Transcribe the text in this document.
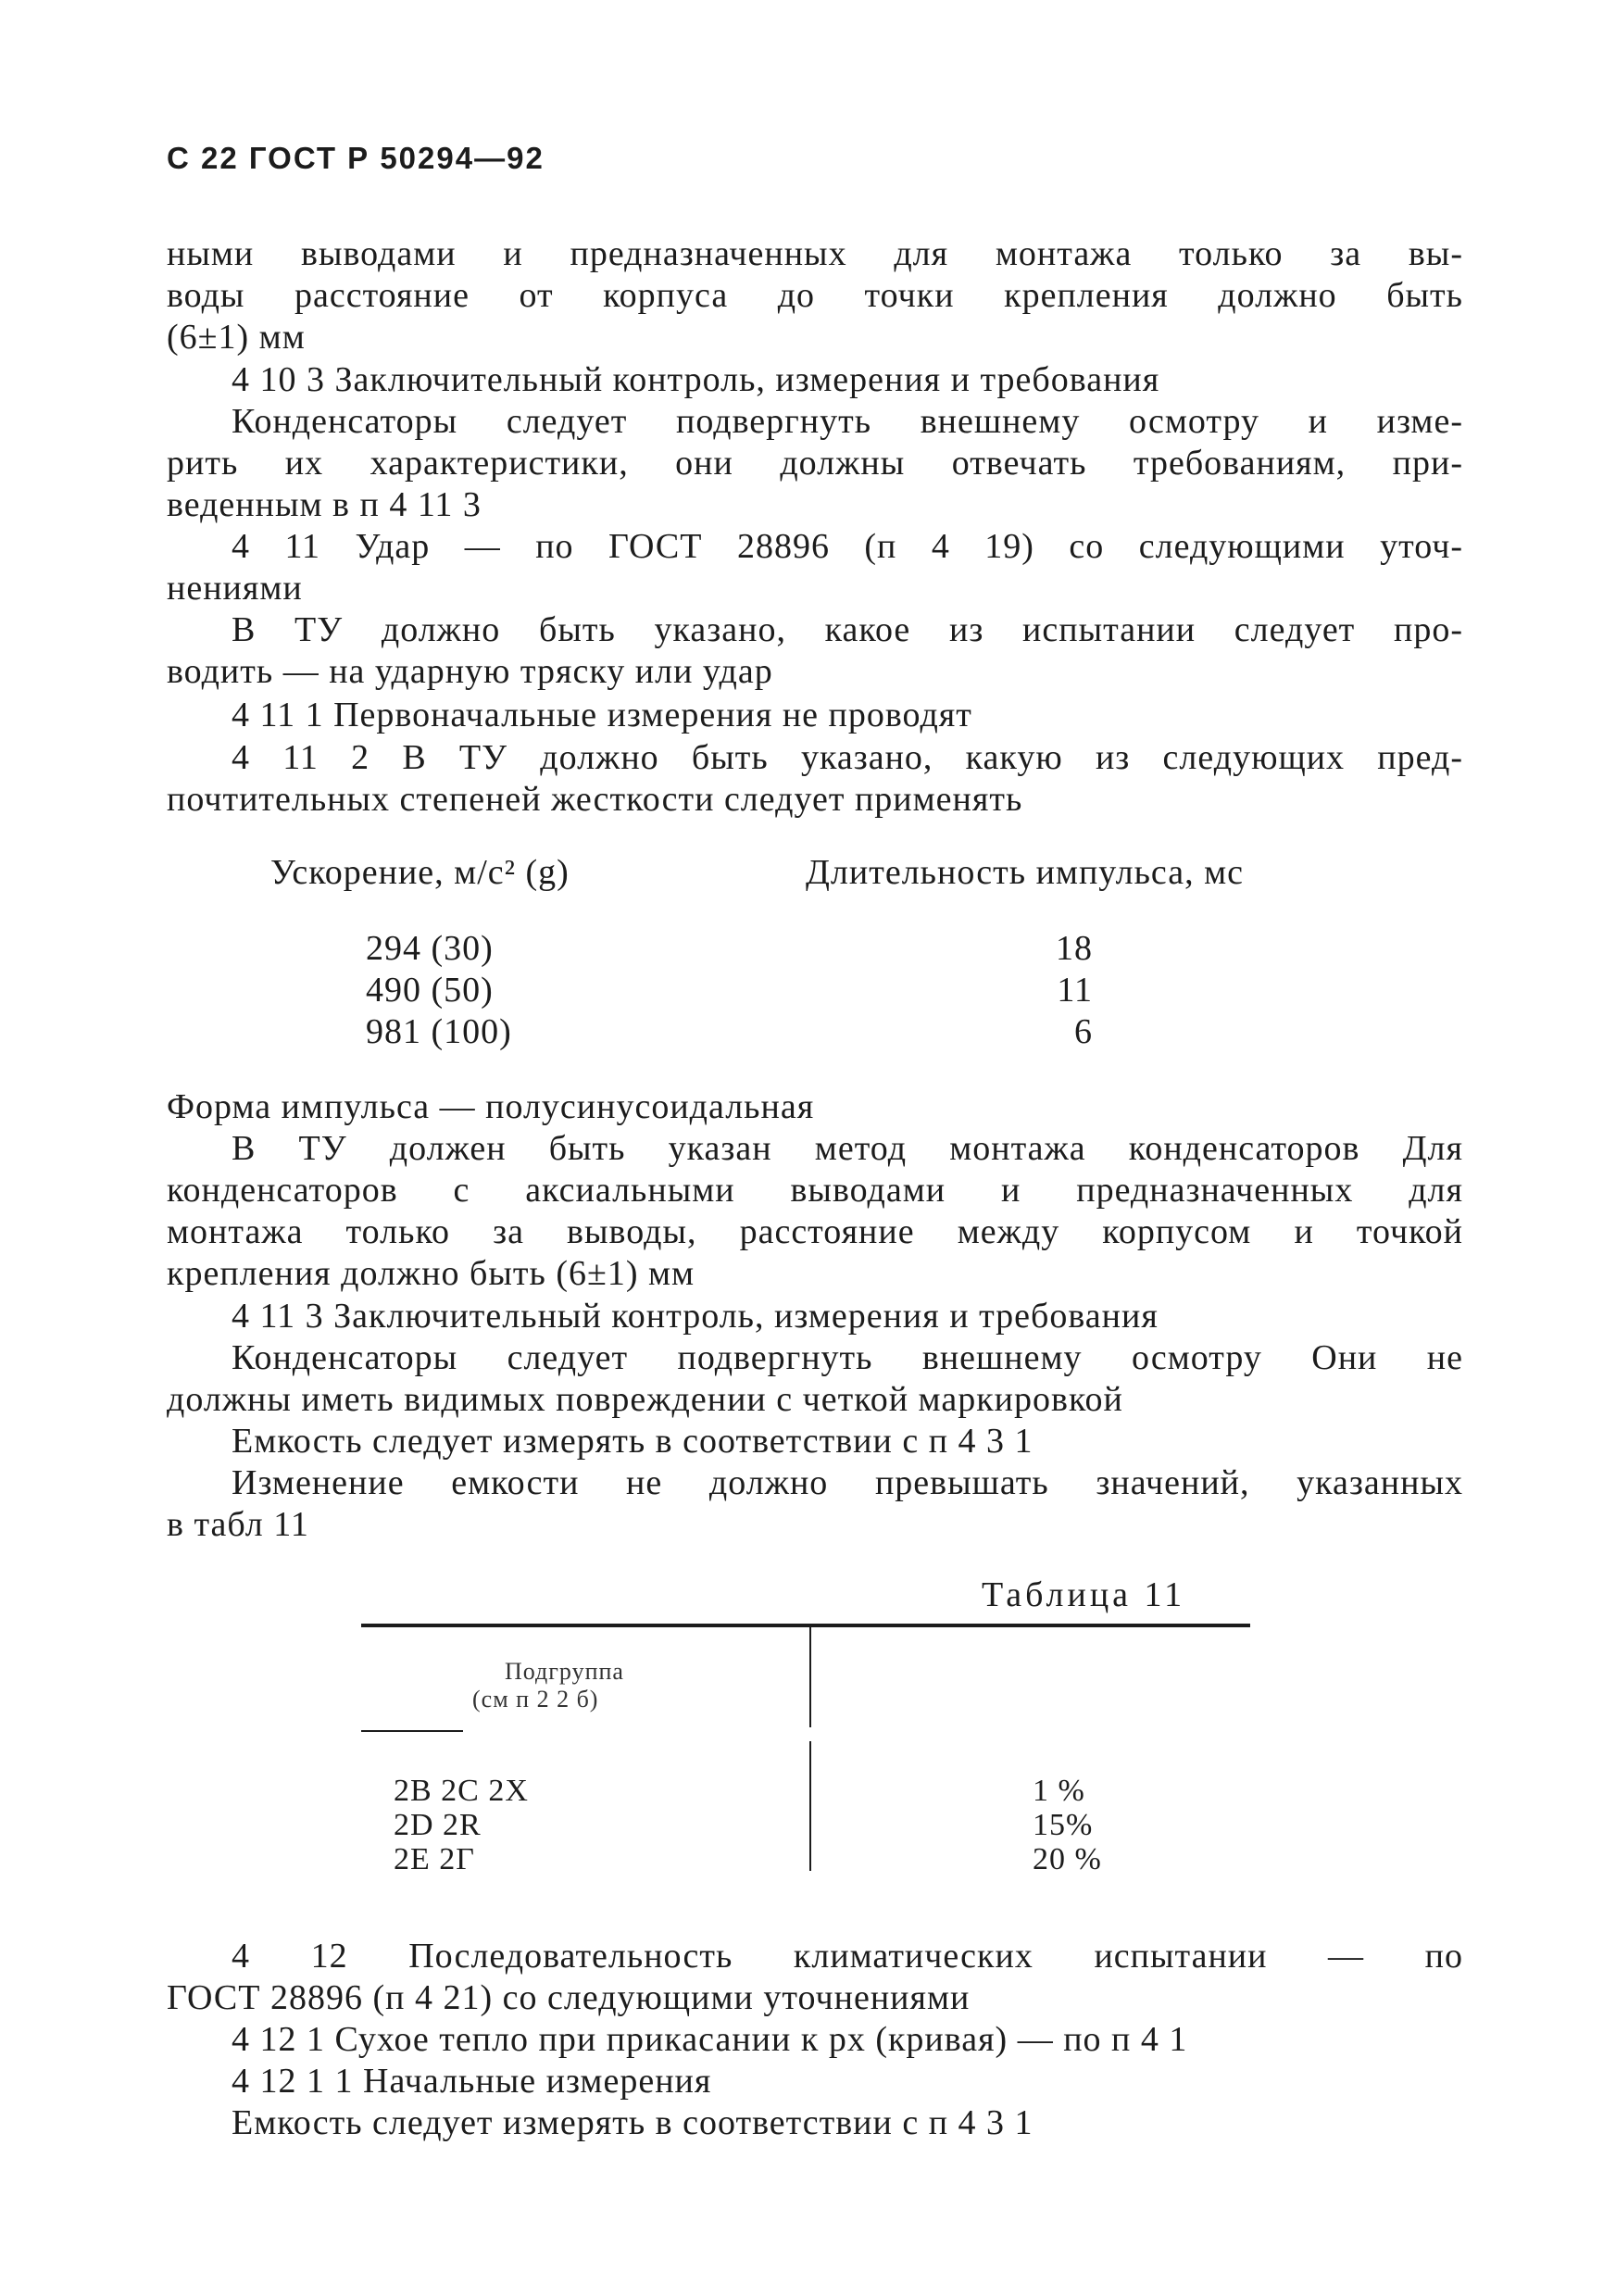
С 22 ГОСТ Р 50294—92
ными выводами и предназначенных для монтажа только за вы-
воды расстояние от корпуса до точки крепления должно быть
(6±1) мм
4 10 3 Заключительный контроль, измерения и требования
Конденсаторы следует подвергнуть внешнему осмотру и изме-
рить их характеристики, они должны отвечать требованиям, при-
веденным в п 4 11 3
4 11 Удар — по ГОСТ 28896 (п 4 19) со следующими уточ-
нениями
В ТУ должно быть указано, какое из испытании следует про-
водить — на ударную тряску или удар
4 11 1 Первоначальные измерения не проводят
4 11 2 В ТУ должно быть указано, какую из следующих пред-
почтительных степеней жесткости следует применять
Ускорение, м/с² (g)	Длительность импульса, мс
294 (30)	18
490 (50)	11
981 (100)	6
Форма импульса — полусинусоидальная
В ТУ должен быть указан метод монтажа конденсаторов Для
конденсаторов с аксиальными выводами и предназначенных для
монтажа только за выводы, расстояние между корпусом и точкой
крепления должно быть (6±1) мм
4 11 3 Заключительный контроль, измерения и требования
Конденсаторы следует подвергнуть внешнему осмотру Они не
должны иметь видимых повреждении с четкой маркировкой
Емкость следует измерять в соответствии с п 4 3 1
Изменение емкости не должно превышать значений, указанных
в табл 11
Таблица 11
Подгруппа
(см п 2 2 б)
2В 2С 2Х	1 %
2D 2R	15%
2Е 2Г	20 %
4 12 Последовательность климатических испытании — по
ГОСТ 28896 (п 4 21) со следующими уточнениями
4 12 1 Сухое тепло при прикасании к рх (кривая) — по п 4 1
4 12 1 1 Начальные измерения
Емкость следует измерять в соответствии с п 4 3 1
